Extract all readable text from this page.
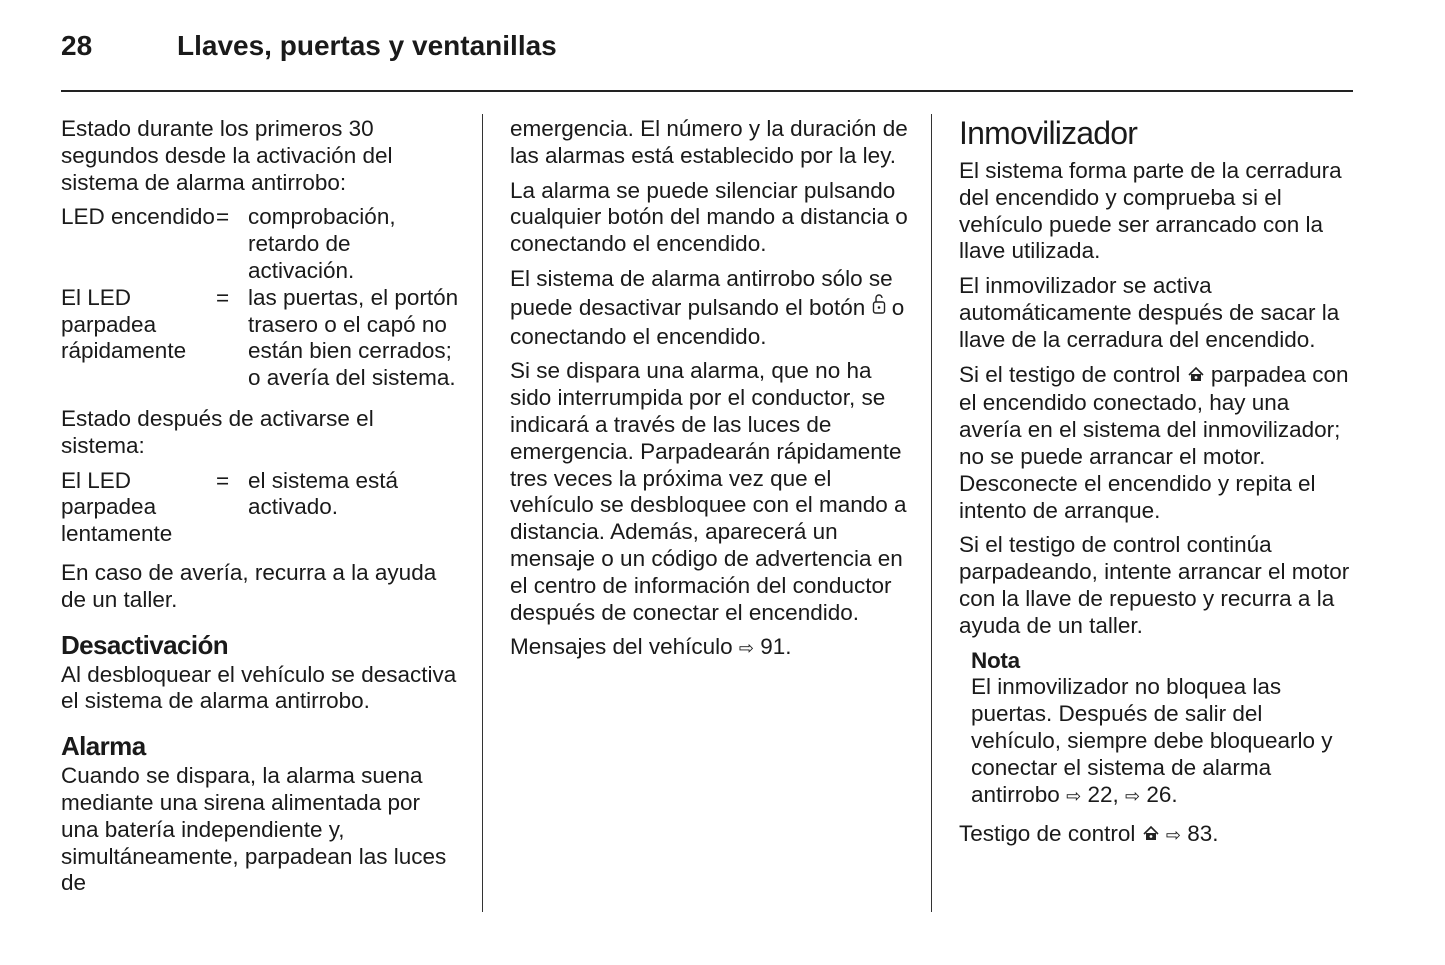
28	Llaves, puertas y ventanillas

Estado durante los primeros 30 segundos desde la activación del sistema de alarma antirrobo:

LED encendido	=	comprobación, retardo de activación.
El LED parpadea rápidamente	=	las puertas, el portón trasero o el capó no están bien cerrados; o avería del sistema.

Estado después de activarse el sistema:

El LED parpadea lentamente	=	el sistema está activado.

En caso de avería, recurra a la ayuda de un taller.

Desactivación

Al desbloquear el vehículo se desactiva el sistema de alarma antirrobo.

Alarma

Cuando se dispara, la alarma suena mediante una sirena alimentada por una batería independiente y, simultáneamente, parpadean las luces de

emergencia. El número y la duración de las alarmas está establecido por la ley.

La alarma se puede silenciar pulsando cualquier botón del mando a distancia o conectando el encendido.

El sistema de alarma antirrobo sólo se puede desactivar pulsando el botón o conectando el encendido.

Si se dispara una alarma, que no ha sido interrumpida por el conductor, se indicará a través de las luces de emergencia. Parpadearán rápidamente tres veces la próxima vez que el vehículo se desbloquee con el mando a distancia. Además, aparecerá un mensaje o un código de advertencia en el centro de información del conductor después de conectar el encendido.

Mensajes del vehículo ⇨ 91.

Inmovilizador

El sistema forma parte de la cerradura del encendido y comprueba si el vehículo puede ser arrancado con la llave utilizada.

El inmovilizador se activa automáticamente después de sacar la llave de la cerradura del encendido.

Si el testigo de control parpadea con el encendido conectado, hay una avería en el sistema del inmovilizador; no se puede arrancar el motor. Desconecte el encendido y repita el intento de arranque.

Si el testigo de control continúa parpadeando, intente arrancar el motor con la llave de repuesto y recurra a la ayuda de un taller.

Nota
El inmovilizador no bloquea las puertas. Después de salir del vehículo, siempre debe bloquearlo y conectar el sistema de alarma antirrobo ⇨ 22, ⇨ 26.

Testigo de control ⇨ 83.
